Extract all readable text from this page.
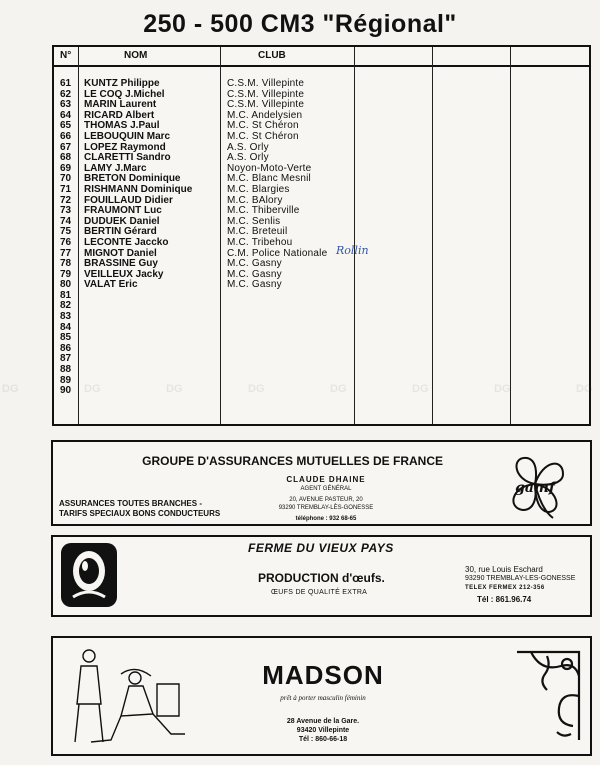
250 - 500 CM3 "Régional"
N°	NOM	CLUB
61	KUNTZ Philippe	C.S.M. Villepinte
62	LE COQ J.Michel	C.S.M. Villepinte
63	MARIN Laurent	C.S.M. Villepinte
64	RICARD Albert	M.C. Andelysien
65	THOMAS J.Paul	M.C. St Chéron
66	LEBOUQUIN Marc	M.C. St Chéron
67	LOPEZ Raymond	A.S. Orly
68	CLARETTI Sandro	A.S. Orly
69	LAMY J.Marc	Noyon-Moto-Verte
70	BRETON Dominique	M.C. Blanc Mesnil
71	RISHMANN Dominique	M.C. Blargies
72	FOUILLAUD Didier	M.C. BAlory
73	FRAUMONT Luc	M.C. Thiberville
74	DUDUEK Daniel	M.C. Senlis
75	BERTIN Gérard	M.C. Breteuil
76	LECONTE Jaccko	M.C. Tribehou
77	MIGNOT Daniel	C.M. Police Nationale
78	BRASSINE Guy	M.C. Gasny
79	VEILLEUX Jacky	M.C. Gasny
80	VALAT Eric	M.C. Gasny
81
82
83
84
85
86
87
88
89
90
Rollin
DG
GROUPE D'ASSURANCES MUTUELLES DE FRANCE
CLAUDE DHAINE
AGENT GÉNÉRAL
20, AVENUE PASTEUR, 20
93290 TREMBLAY-LÈS-GONESSE
téléphone : 932 68-65
ASSURANCES TOUTES BRANCHES -
TARIFS SPECIAUX BONS CONDUCTEURS
gamf
FERME DU VIEUX PAYS
PRODUCTION d'œufs.
ŒUFS DE QUALITÉ EXTRA
30, rue Louis Eschard
93290 TREMBLAY-LES-GONESSE
TELEX FERMEX 212-356
Tél : 861.96.74
MADSON
prêt à porter masculin féminin
28 Avenue de la Gare.
93420 Villepinte
Tél : 860-66-18
